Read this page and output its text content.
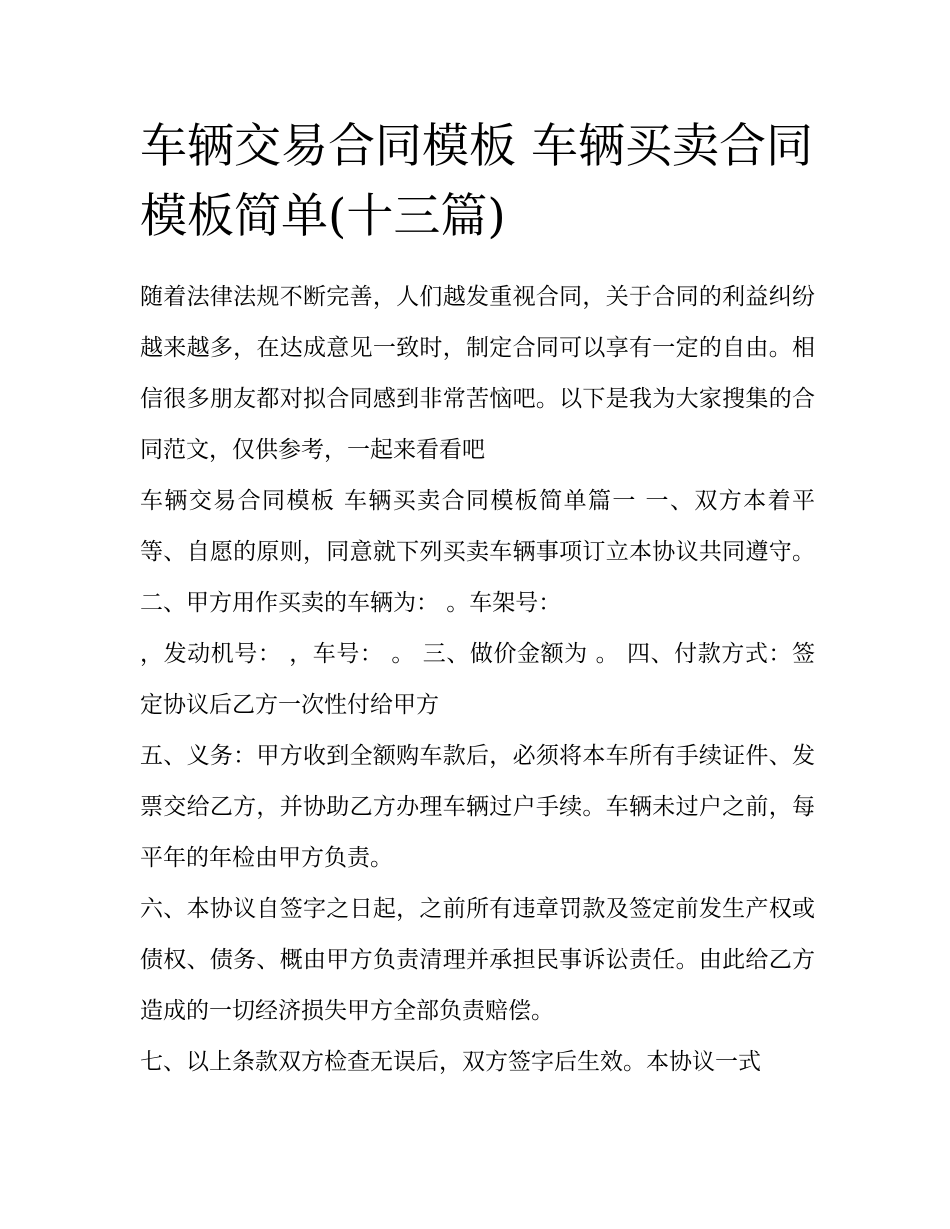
车辆交易合同模板 车辆买卖合同模板简单(十三篇)

随着法律法规不断完善，人们越发重视合同，关于合同的利益纠纷越来越多，在达成意见一致时，制定合同可以享有一定的自由。相信很多朋友都对拟合同感到非常苦恼吧。以下是我为大家搜集的合同范文，仅供参考，一起来看看吧

车辆交易合同模板 车辆买卖合同模板简单篇一 一、双方本着平等、自愿的原则，同意就下列买卖车辆事项订立本协议共同遵守。 二、甲方用作买卖的车辆为： 。车架号：

，发动机号： ，车号： 。 三、做价金额为 。 四、付款方式：签定协议后乙方一次性付给甲方

五、义务：甲方收到全额购车款后，必须将本车所有手续证件、发票交给乙方，并协助乙方办理车辆过户手续。车辆未过户之前，每平年的年检由甲方负责。

六、本协议自签字之日起，之前所有违章罚款及签定前发生产权或债权、债务、概由甲方负责清理并承担民事诉讼责任。由此给乙方造成的一切经济损失甲方全部负责赔偿。

七、以上条款双方检查无误后，双方签字后生效。本协议一式
